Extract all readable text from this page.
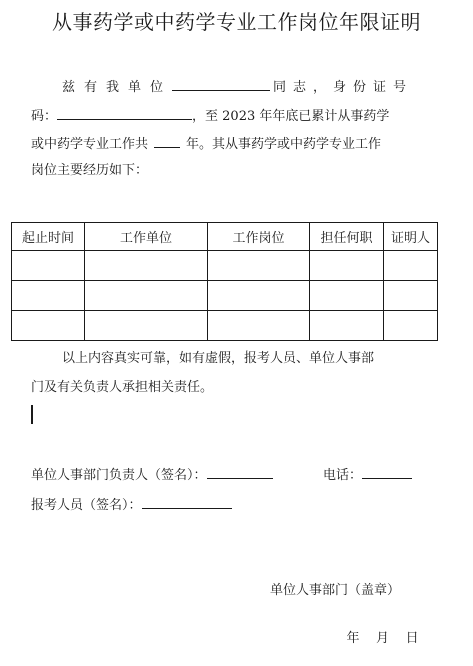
从事药学或中药学专业工作岗位年限证明
兹有我单位	同志，身份证号
码：	，至 2023 年年底已累计从事药学
或中药学专业工作共	年。其从事药学或中药学专业工作
岗位主要经历如下：
起止时间	工作单位	工作岗位	担任何职	证明人

以上内容真实可靠，如有虚假，报考人员、单位人事部
门及有关负责人承担相关责任。
单位人事部门负责人（签名）：	电话：
报考人员（签名）：
单位人事部门（盖章）

年    月    日
